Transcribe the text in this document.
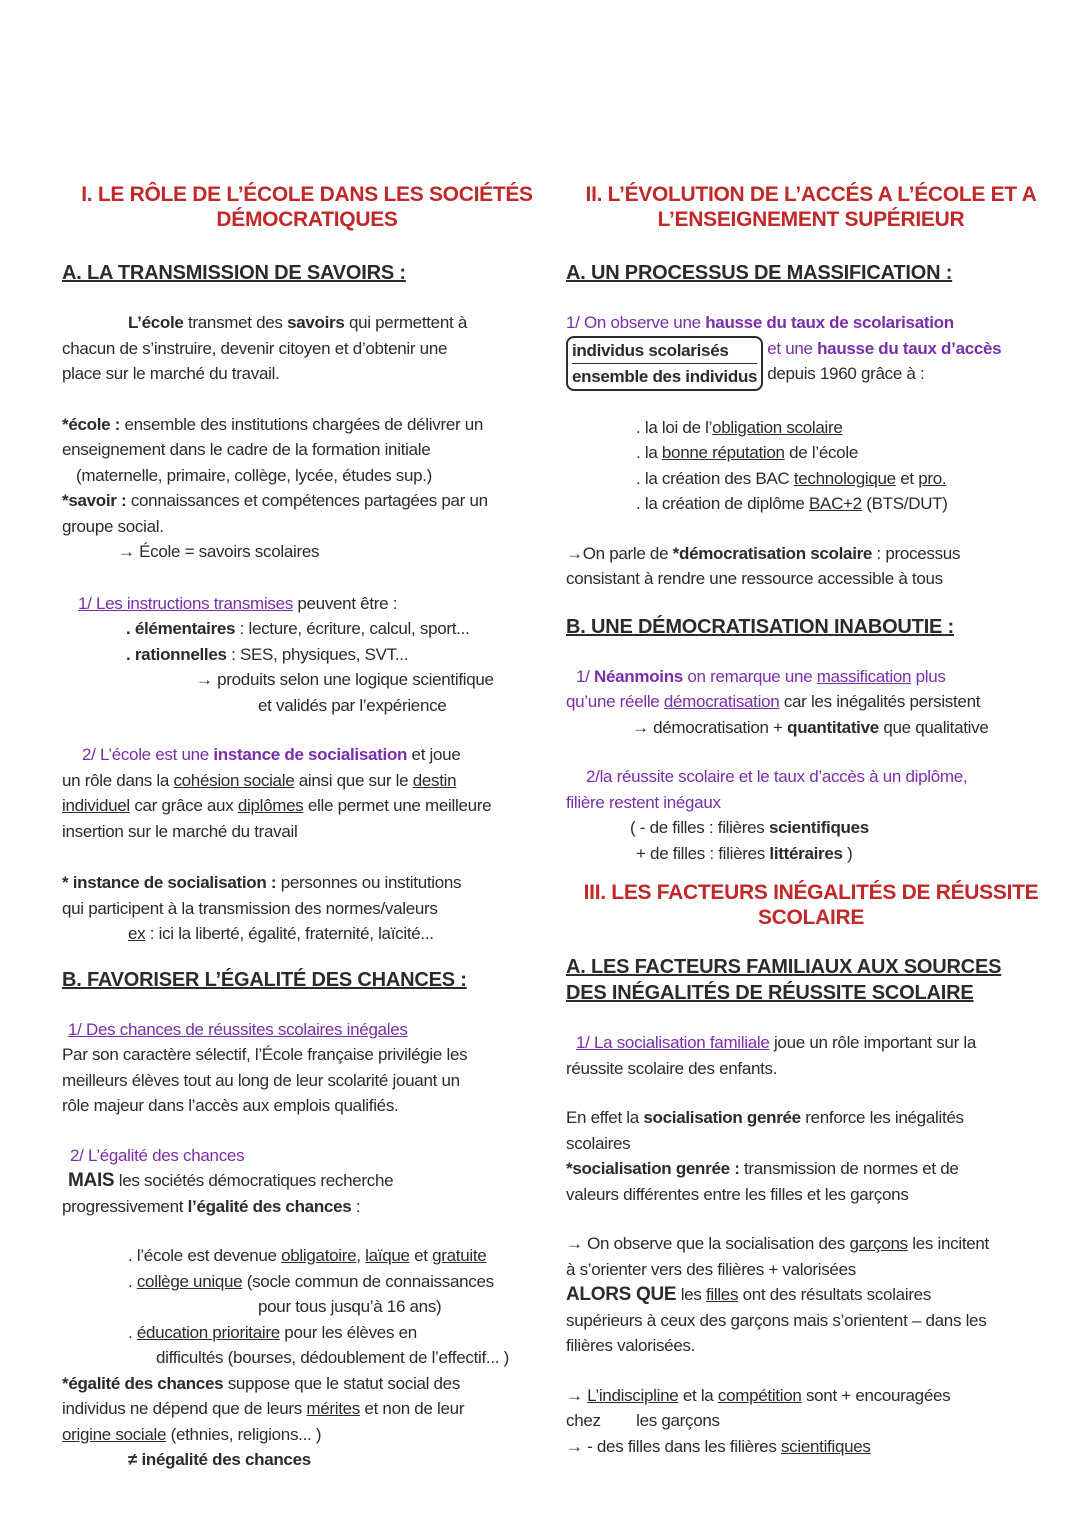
I. LE RÔLE DE L’ÉCOLE DANS LES SOCIÉTÉS
DÉMOCRATIQUES
A. LA TRANSMISSION DE SAVOIRS :
L’école transmet des savoirs qui permettent à
chacun de s’instruire, devenir citoyen et d’obtenir une
place sur le marché du travail.
*école : ensemble des institutions chargées de délivrer un
enseignement dans le cadre de la formation initiale
(maternelle, primaire, collège, lycée, études sup.)
*savoir : connaissances et compétences partagées par un
groupe social.
→ École = savoirs scolaires
1/ Les instructions transmises peuvent être :
. élémentaires : lecture, écriture, calcul, sport...
. rationnelles : SES, physiques, SVT...
→ produits selon une logique scientifique
et validés par l’expérience
2/ L’école est une instance de socialisation et joue
un rôle dans la cohésion sociale ainsi que sur le destin
individuel car grâce aux diplômes elle permet une meilleure
insertion sur le marché du travail
* instance de socialisation : personnes ou institutions
qui participent à la transmission des normes/valeurs
ex : ici la liberté, égalité, fraternité, laïcité...
B. FAVORISER L’ÉGALITÉ DES CHANCES :
1/ Des chances de réussites scolaires inégales
Par son caractère sélectif, l’École française privilégie les
meilleurs élèves tout au long de leur scolarité jouant un
rôle majeur dans l’accès aux emplois qualifiés.
2/ L’égalité des chances
MAIS les sociétés démocratiques recherche
progressivement l’égalité des chances :
. l’école est devenue obligatoire, laïque et gratuite
. collège unique (socle commun de connaissances
pour tous jusqu’à 16 ans)
. éducation prioritaire pour les élèves en
difficultés (bourses, dédoublement de l’effectif... )
*égalité des chances suppose que le statut social des
individus ne dépend que de leurs mérites et non de leur
origine sociale (ethnies, religions... )
≠ inégalité des chances
II. L’ÉVOLUTION DE L’ACCÉS A L’ÉCOLE ET A
L’ENSEIGNEMENT SUPÉRIEUR
A. UN PROCESSUS DE MASSIFICATION :
1/ On observe une hausse du taux de scolarisation
individus scolarisés
ensemble des individus
et une hausse du taux d’accès
depuis 1960 grâce à :
. la loi de l’obligation scolaire
. la bonne réputation de l’école
. la création des BAC technologique et pro.
. la création de diplôme BAC+2 (BTS/DUT)
→On parle de *démocratisation scolaire : processus
consistant à rendre une ressource accessible à tous
B. UNE DÉMOCRATISATION INABOUTIE :
1/ Néanmoins on remarque une massification plus
qu’une réelle démocratisation car les inégalités persistent
→ démocratisation + quantitative que qualitative
2/la réussite scolaire et le taux d’accès à un diplôme,
filière restent inégaux
( - de filles : filières scientifiques
+ de filles : filières littéraires )
III. LES FACTEURS INÉGALITÉS DE RÉUSSITE
SCOLAIRE
A. LES FACTEURS FAMILIAUX AUX SOURCES
DES INÉGALITÉS DE RÉUSSITE SCOLAIRE
1/ La socialisation familiale joue un rôle important sur la
réussite scolaire des enfants.
En effet la socialisation genrée renforce les inégalités
scolaires
*socialisation genrée : transmission de normes et de
valeurs différentes entre les filles et les garçons
→ On observe que la socialisation des garçons les incitent
à s’orienter vers des filières + valorisées
ALORS QUE les filles ont des résultats scolaires
supérieurs à ceux des garçons mais s’orientent – dans les
filières valorisées.
→ L’indiscipline et la compétition sont + encouragées
chez        les garçons
→ - des filles dans les filières scientifiques
